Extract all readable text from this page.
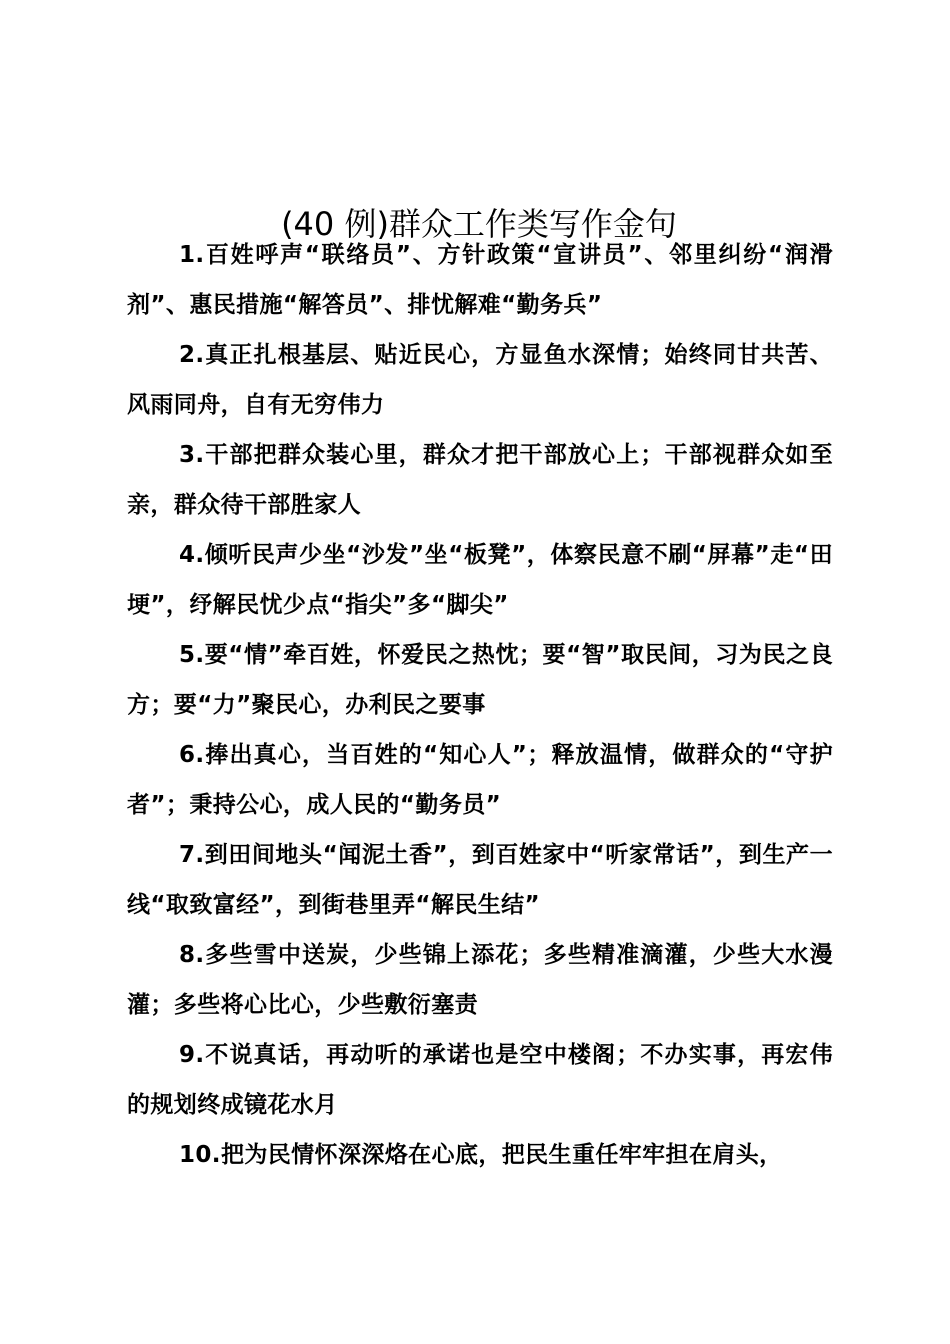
(40 例)群众工作类写作金句

1.百姓呼声“联络员”、方针政策“宣讲员”、邻里纠纷“润滑剂”、惠民措施“解答员”、排忧解难“勤务兵”

2.真正扎根基层、贴近民心，方显鱼水深情；始终同甘共苦、风雨同舟，自有无穷伟力

3.干部把群众装心里，群众才把干部放心上；干部视群众如至亲，群众待干部胜家人

4.倾听民声少坐“沙发”坐“板凳”，体察民意不刷“屏幕”走“田埂”，纾解民忧少点“指尖”多“脚尖”

5.要“情”牵百姓，怀爱民之热忱；要“智”取民间，习为民之良方；要“力”聚民心，办利民之要事

6.捧出真心，当百姓的“知心人”；释放温情，做群众的“守护者”；秉持公心，成人民的“勤务员”

7.到田间地头“闻泥土香”，到百姓家中“听家常话”，到生产一线“取致富经”，到街巷里弄“解民生结”

8.多些雪中送炭，少些锦上添花；多些精准滴灌，少些大水漫灌；多些将心比心，少些敷衍塞责

9.不说真话，再动听的承诺也是空中楼阁；不办实事，再宏伟的规划终成镜花水月

10.把为民情怀深深烙在心底，把民生重任牢牢担在肩头，
